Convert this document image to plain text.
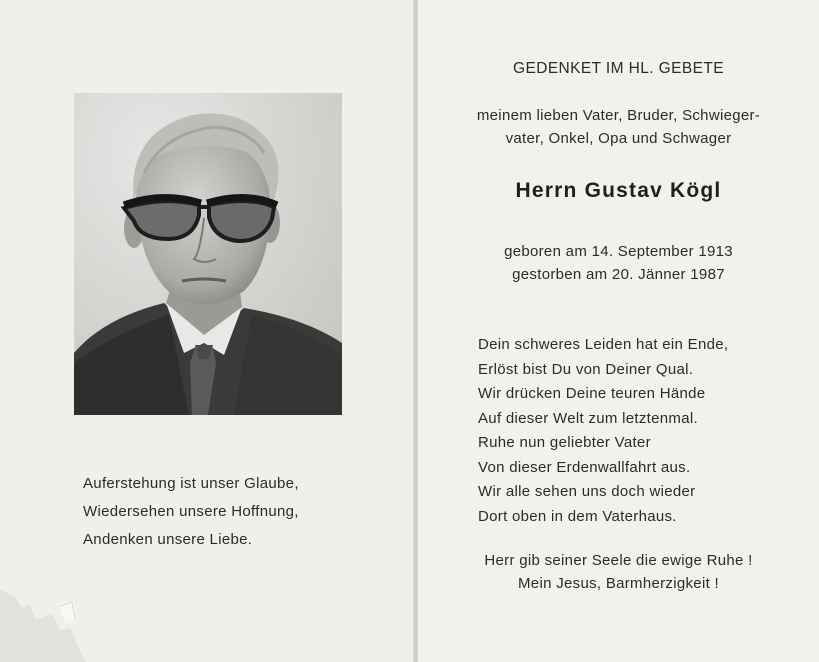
Auferstehung ist unser Glaube,
Wiedersehen unsere Hoffnung,
Andenken unsere Liebe.
GEDENKET IM HL. GEBETE
meinem lieben Vater, Bruder, Schwieger-
vater, Onkel, Opa und Schwager
Herrn Gustav Kögl
geboren am 14. September 1913
gestorben am 20. Jänner 1987
Dein schweres Leiden hat ein Ende,
Erlöst bist Du von Deiner Qual.
Wir drücken Deine teuren Hände
Auf dieser Welt zum letztenmal.
Ruhe nun geliebter Vater
Von dieser Erdenwallfahrt aus.
Wir alle sehen uns doch wieder
Dort oben in dem Vaterhaus.
Herr gib seiner Seele die ewige Ruhe !
Mein Jesus, Barmherzigkeit !
